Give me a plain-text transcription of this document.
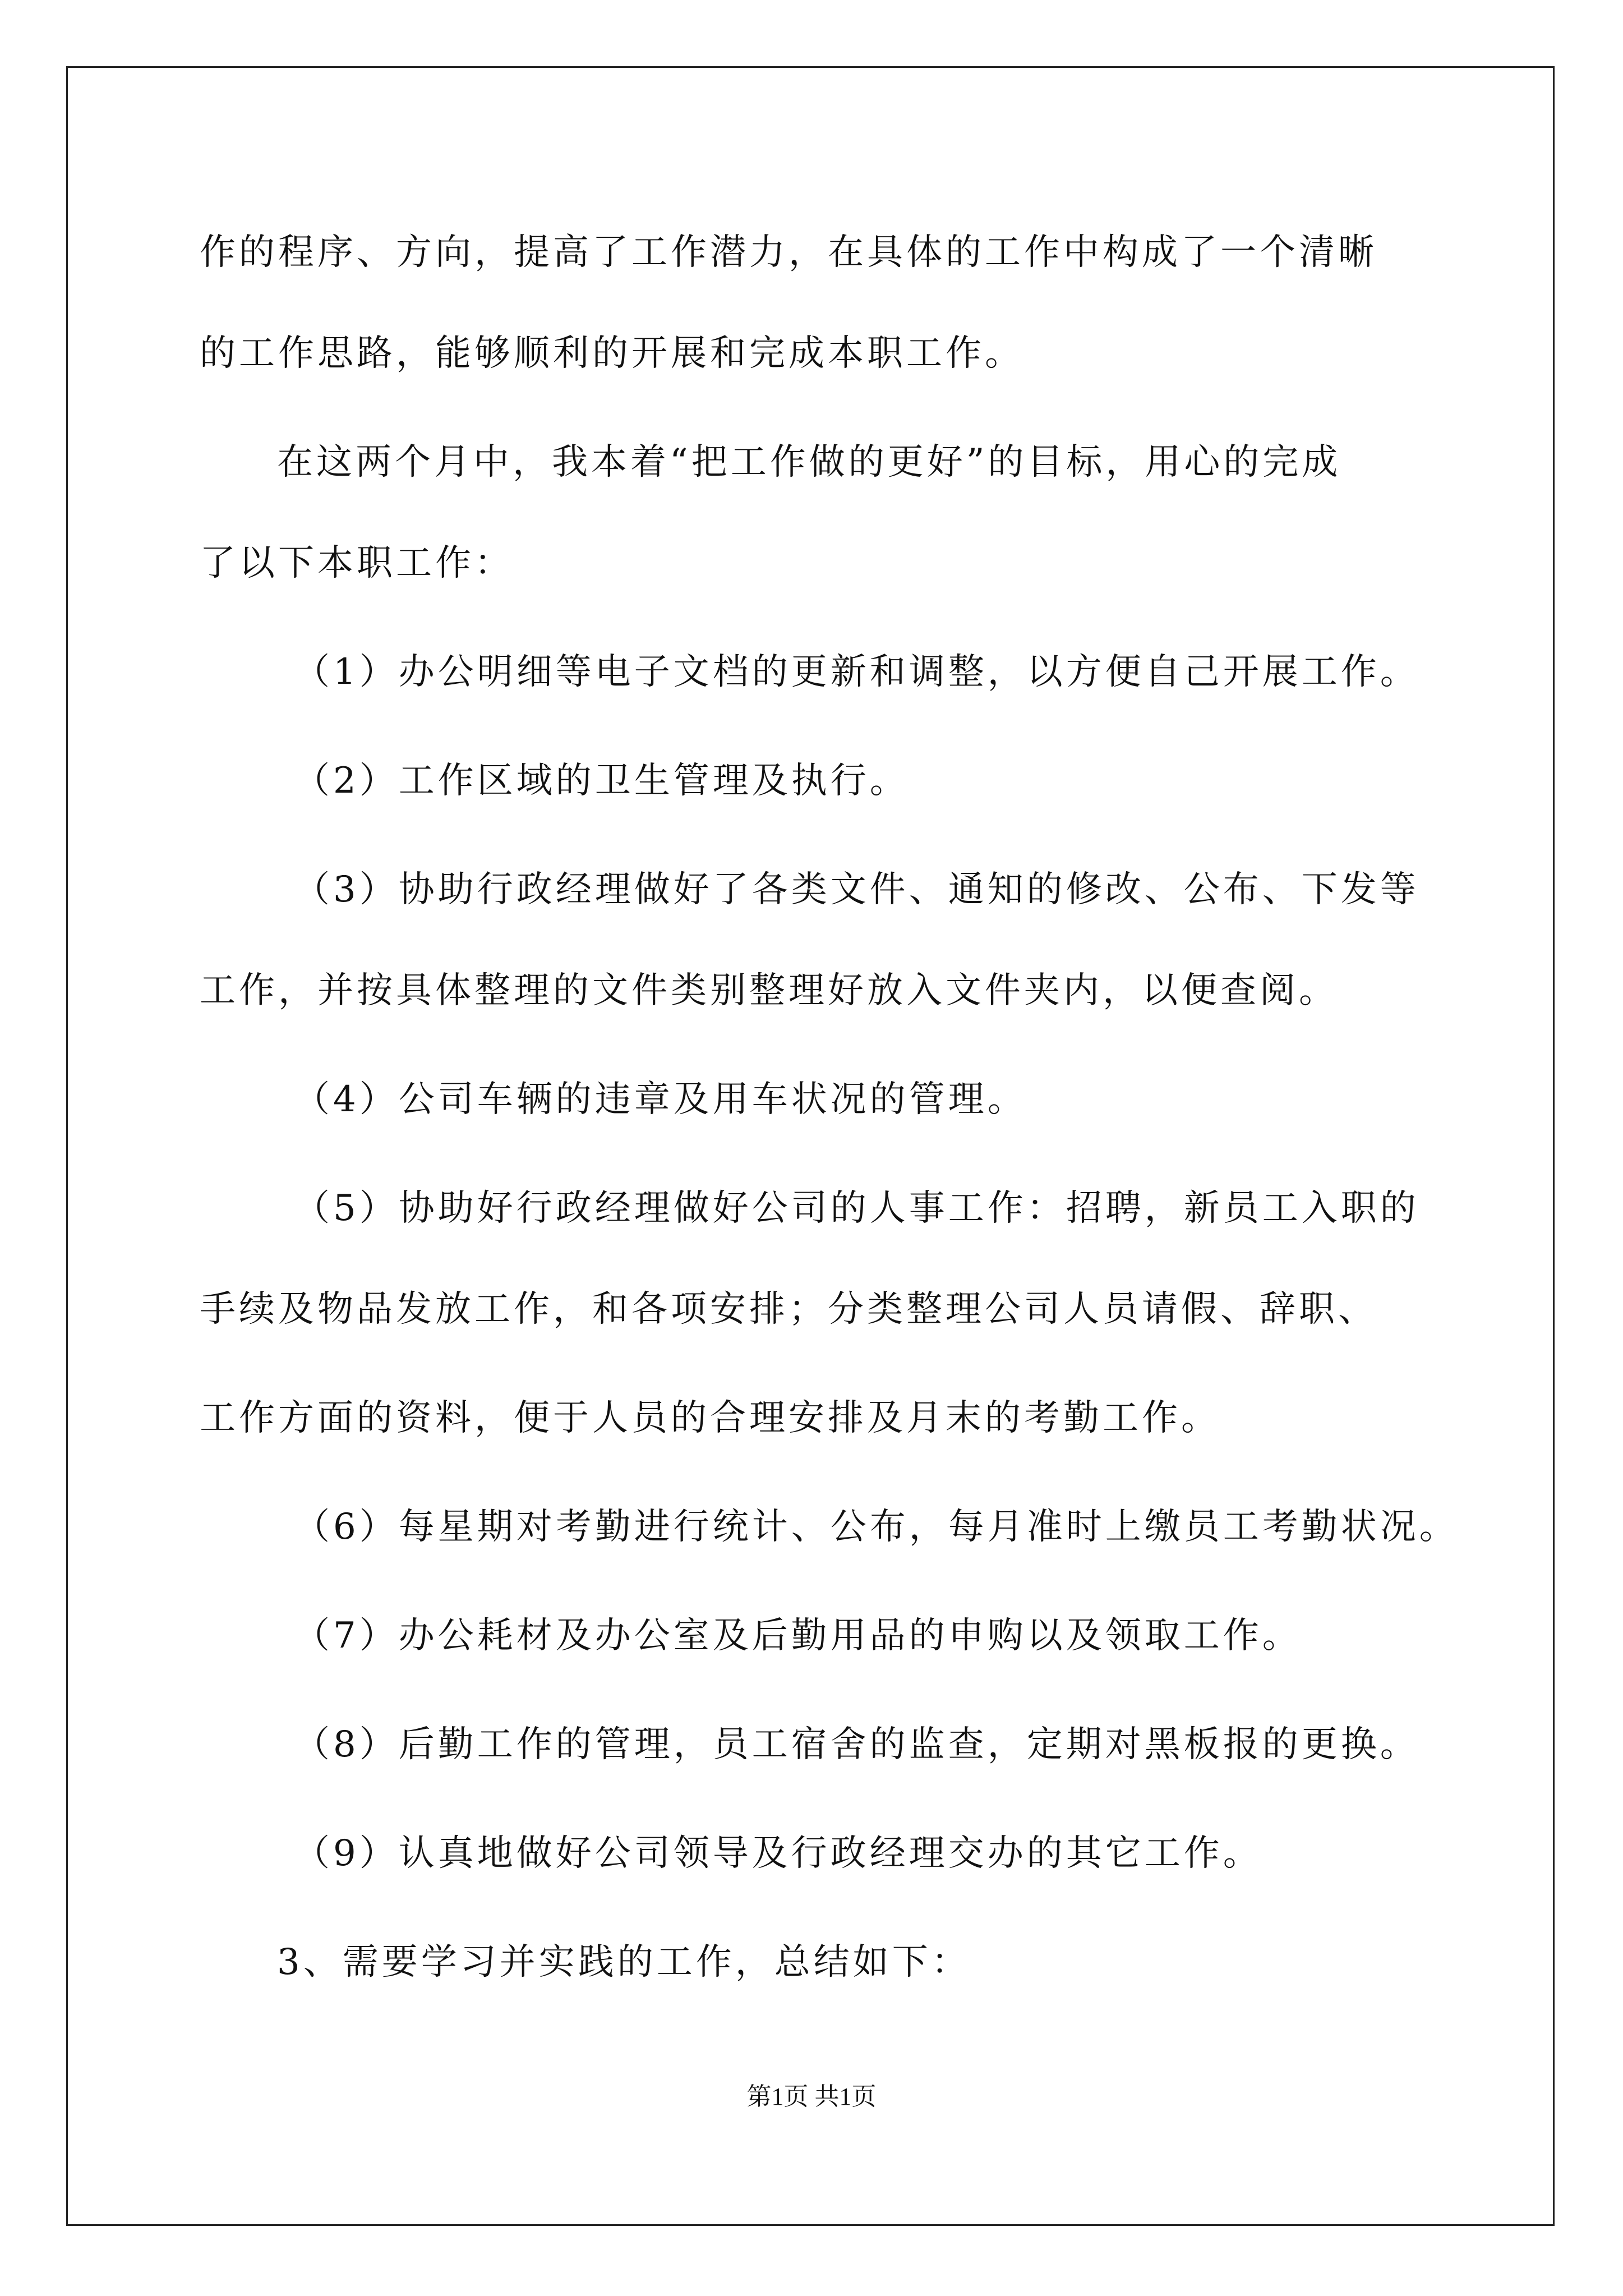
作的程序、方向，提高了工作潜力，在具体的工作中构成了一个清晰
的工作思路，能够顺利的开展和完成本职工作。
在这两个月中，我本着“把工作做的更好”的目标，用心的完成
了以下本职工作：
（1）办公明细等电子文档的更新和调整，以方便自己开展工作。
（2）工作区域的卫生管理及执行。
（3）协助行政经理做好了各类文件、通知的修改、公布、下发等
工作，并按具体整理的文件类别整理好放入文件夹内，以便查阅。
（4）公司车辆的违章及用车状况的管理。
（5）协助好行政经理做好公司的人事工作：招聘，新员工入职的
手续及物品发放工作，和各项安排；分类整理公司人员请假、辞职、
工作方面的资料，便于人员的合理安排及月末的考勤工作。
（6）每星期对考勤进行统计、公布，每月准时上缴员工考勤状况。
（7）办公耗材及办公室及后勤用品的申购以及领取工作。
（8）后勤工作的管理，员工宿舍的监查，定期对黑板报的更换。
（9）认真地做好公司领导及行政经理交办的其它工作。
3、需要学习并实践的工作，总结如下：
第1页 共1页
